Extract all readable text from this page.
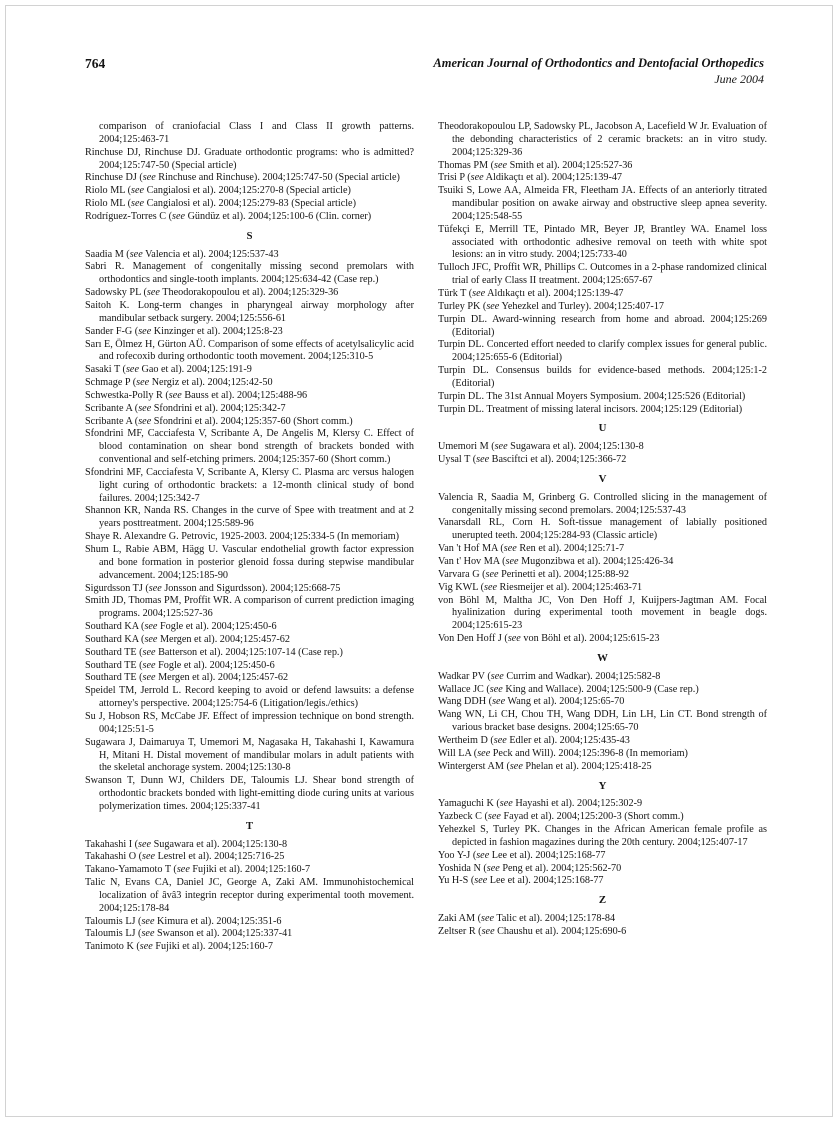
764	American Journal of Orthodontics and Dentofacial Orthopedics
June 2004
comparison of craniofacial Class I and Class II growth patterns. 2004;125:463-71
Rinchuse DJ, Rinchuse DJ. Graduate orthodontic programs: who is admitted? 2004;125:747-50 (Special article)
Rinchuse DJ (see Rinchuse and Rinchuse). 2004;125:747-50 (Special article)
Riolo ML (see Cangialosi et al). 2004;125:270-8 (Special article)
Riolo ML (see Cangialosi et al). 2004;125:279-83 (Special article)
Rodríguez-Torres C (see Gündüz et al). 2004;125:100-6 (Clin. corner)
S
Saadia M (see Valencia et al). 2004;125:537-43
Sabri R. Management of congenitally missing second premolars with orthodontics and single-tooth implants. 2004;125:634-42 (Case rep.)
Sadowsky PL (see Theodorakopoulou et al). 2004;125:329-36
Saitoh K. Long-term changes in pharyngeal airway morphology after mandibular setback surgery. 2004;125:556-61
Sander F-G (see Kinzinger et al). 2004;125:8-23
Sarı E, Ölmez H, Gürton AÜ. Comparison of some effects of acetylsalicylic acid and rofecoxib during orthodontic tooth movement. 2004;125:310-5
Sasaki T (see Gao et al). 2004;125:191-9
Schmage P (see Nergiz et al). 2004;125:42-50
Schwestka-Polly R (see Bauss et al). 2004;125:488-96
Scribante A (see Sfondrini et al). 2004;125:342-7
Scribante A (see Sfondrini et al). 2004;125:357-60 (Short comm.)
Sfondrini MF, Cacciafesta V, Scribante A, De Angelis M, Klersy C. Effect of blood contamination on shear bond strength of brackets bonded with conventional and self-etching primers. 2004;125:357-60 (Short comm.)
Sfondrini MF, Cacciafesta V, Scribante A, Klersy C. Plasma arc versus halogen light curing of orthodontic brackets: a 12-month clinical study of bond failures. 2004;125:342-7
Shannon KR, Nanda RS. Changes in the curve of Spee with treatment and at 2 years posttreatment. 2004;125:589-96
Shaye R. Alexandre G. Petrovic, 1925-2003. 2004;125:334-5 (In memoriam)
Shum L, Rabie ABM, Hägg U. Vascular endothelial growth factor expression and bone formation in posterior glenoid fossa during stepwise mandibular advancement. 2004;125:185-90
Sigurdsson TJ (see Jonsson and Sigurdsson). 2004;125:668-75
Smith JD, Thomas PM, Proffit WR. A comparison of current prediction imaging programs. 2004;125:527-36
Southard KA (see Fogle et al). 2004;125:450-6
Southard KA (see Mergen et al). 2004;125:457-62
Southard TE (see Batterson et al). 2004;125:107-14 (Case rep.)
Southard TE (see Fogle et al). 2004;125:450-6
Southard TE (see Mergen et al). 2004;125:457-62
Speidel TM, Jerrold L. Record keeping to avoid or defend lawsuits: a defense attorney's perspective. 2004;125:754-6 (Litigation/legis./ethics)
Su J, Hobson RS, McCabe JF. Effect of impression technique on bond strength. 004;125:51-5
Sugawara J, Daimaruya T, Umemori M, Nagasaka H, Takahashi I, Kawamura H, Mitani H. Distal movement of mandibular molars in adult patients with the skeletal anchorage system. 2004;125:130-8
Swanson T, Dunn WJ, Childers DE, Taloumis LJ. Shear bond strength of orthodontic brackets bonded with light-emitting diode curing units at various polymerization times. 2004;125:337-41
T
Takahashi I (see Sugawara et al). 2004;125:130-8
Takahashi O (see Lestrel et al). 2004;125:716-25
Takano-Yamamoto T (see Fujiki et al). 2004;125:160-7
Talic N, Evans CA, Daniel JC, George A, Zaki AM. Immunohistochemical localization of âvâ3 integrin receptor during experimental tooth movement. 2004;125:178-84
Taloumis LJ (see Kimura et al). 2004;125:351-6
Taloumis LJ (see Swanson et al). 2004;125:337-41
Tanimoto K (see Fujiki et al). 2004;125:160-7
Theodorakopoulou LP, Sadowsky PL, Jacobson A, Lacefield W Jr. Evaluation of the debonding characteristics of 2 ceramic brackets: an in vitro study. 2004;125:329-36
Thomas PM (see Smith et al). 2004;125:527-36
Trisi P (see Aldikaçtı et al). 2004;125:139-47
Tsuiki S, Lowe AA, Almeida FR, Fleetham JA. Effects of an anteriorly titrated mandibular position on awake airway and obstructive sleep apnea severity. 2004;125:548-55
Tüfekçi E, Merrill TE, Pintado MR, Beyer JP, Brantley WA. Enamel loss associated with orthodontic adhesive removal on teeth with white spot lesions: an in vitro study. 2004;125:733-40
Tulloch JFC, Proffit WR, Phillips C. Outcomes in a 2-phase randomized clinical trial of early Class II treatment. 2004;125:657-67
Türk T (see Aldıkaçtı et al). 2004;125:139-47
Turley PK (see Yehezkel and Turley). 2004;125:407-17
Turpin DL. Award-winning research from home and abroad. 2004;125:269 (Editorial)
Turpin DL. Concerted effort needed to clarify complex issues for general public. 2004;125:655-6 (Editorial)
Turpin DL. Consensus builds for evidence-based methods. 2004;125:1-2 (Editorial)
Turpin DL. The 31st Annual Moyers Symposium. 2004;125:526 (Editorial)
Turpin DL. Treatment of missing lateral incisors. 2004;125:129 (Editorial)
U
Umemori M (see Sugawara et al). 2004;125:130-8
Uysal T (see Basciftci et al). 2004;125:366-72
V
Valencia R, Saadia M, Grinberg G. Controlled slicing in the management of congenitally missing second premolars. 2004;125:537-43
Vanarsdall RL, Corn H. Soft-tissue management of labially positioned unerupted teeth. 2004;125:284-93 (Classic article)
Van 't Hof MA (see Ren et al). 2004;125:71-7
Van t' Hov MA (see Mugonzibwa et al). 2004;125:426-34
Varvara G (see Perinetti et al). 2004;125:88-92
Vig KWL (see Riesmeijer et al). 2004;125:463-71
von Böhl M, Maltha JC, Von Den Hoff J, Kuijpers-Jagtman AM. Focal hyalinization during experimental tooth movement in beagle dogs. 2004;125:615-23
Von Den Hoff J (see von Böhl et al). 2004;125:615-23
W
Wadkar PV (see Currim and Wadkar). 2004;125:582-8
Wallace JC (see King and Wallace). 2004;125:500-9 (Case rep.)
Wang DDH (see Wang et al). 2004;125:65-70
Wang WN, Li CH, Chou TH, Wang DDH, Lin LH, Lin CT. Bond strength of various bracket base designs. 2004;125:65-70
Wertheim D (see Edler et al). 2004;125:435-43
Will LA (see Peck and Will). 2004;125:396-8 (In memoriam)
Wintergerst AM (see Phelan et al). 2004;125:418-25
Y
Yamaguchi K (see Hayashi et al). 2004;125:302-9
Yazbeck C (see Fayad et al). 2004;125:200-3 (Short comm.)
Yehezkel S, Turley PK. Changes in the African American female profile as depicted in fashion magazines during the 20th century. 2004;125:407-17
Yoo Y-J (see Lee et al). 2004;125:168-77
Yoshida N (see Peng et al). 2004;125:562-70
Yu H-S (see Lee et al). 2004;125:168-77
Z
Zaki AM (see Talic et al). 2004;125:178-84
Zeltser R (see Chaushu et al). 2004;125:690-6
